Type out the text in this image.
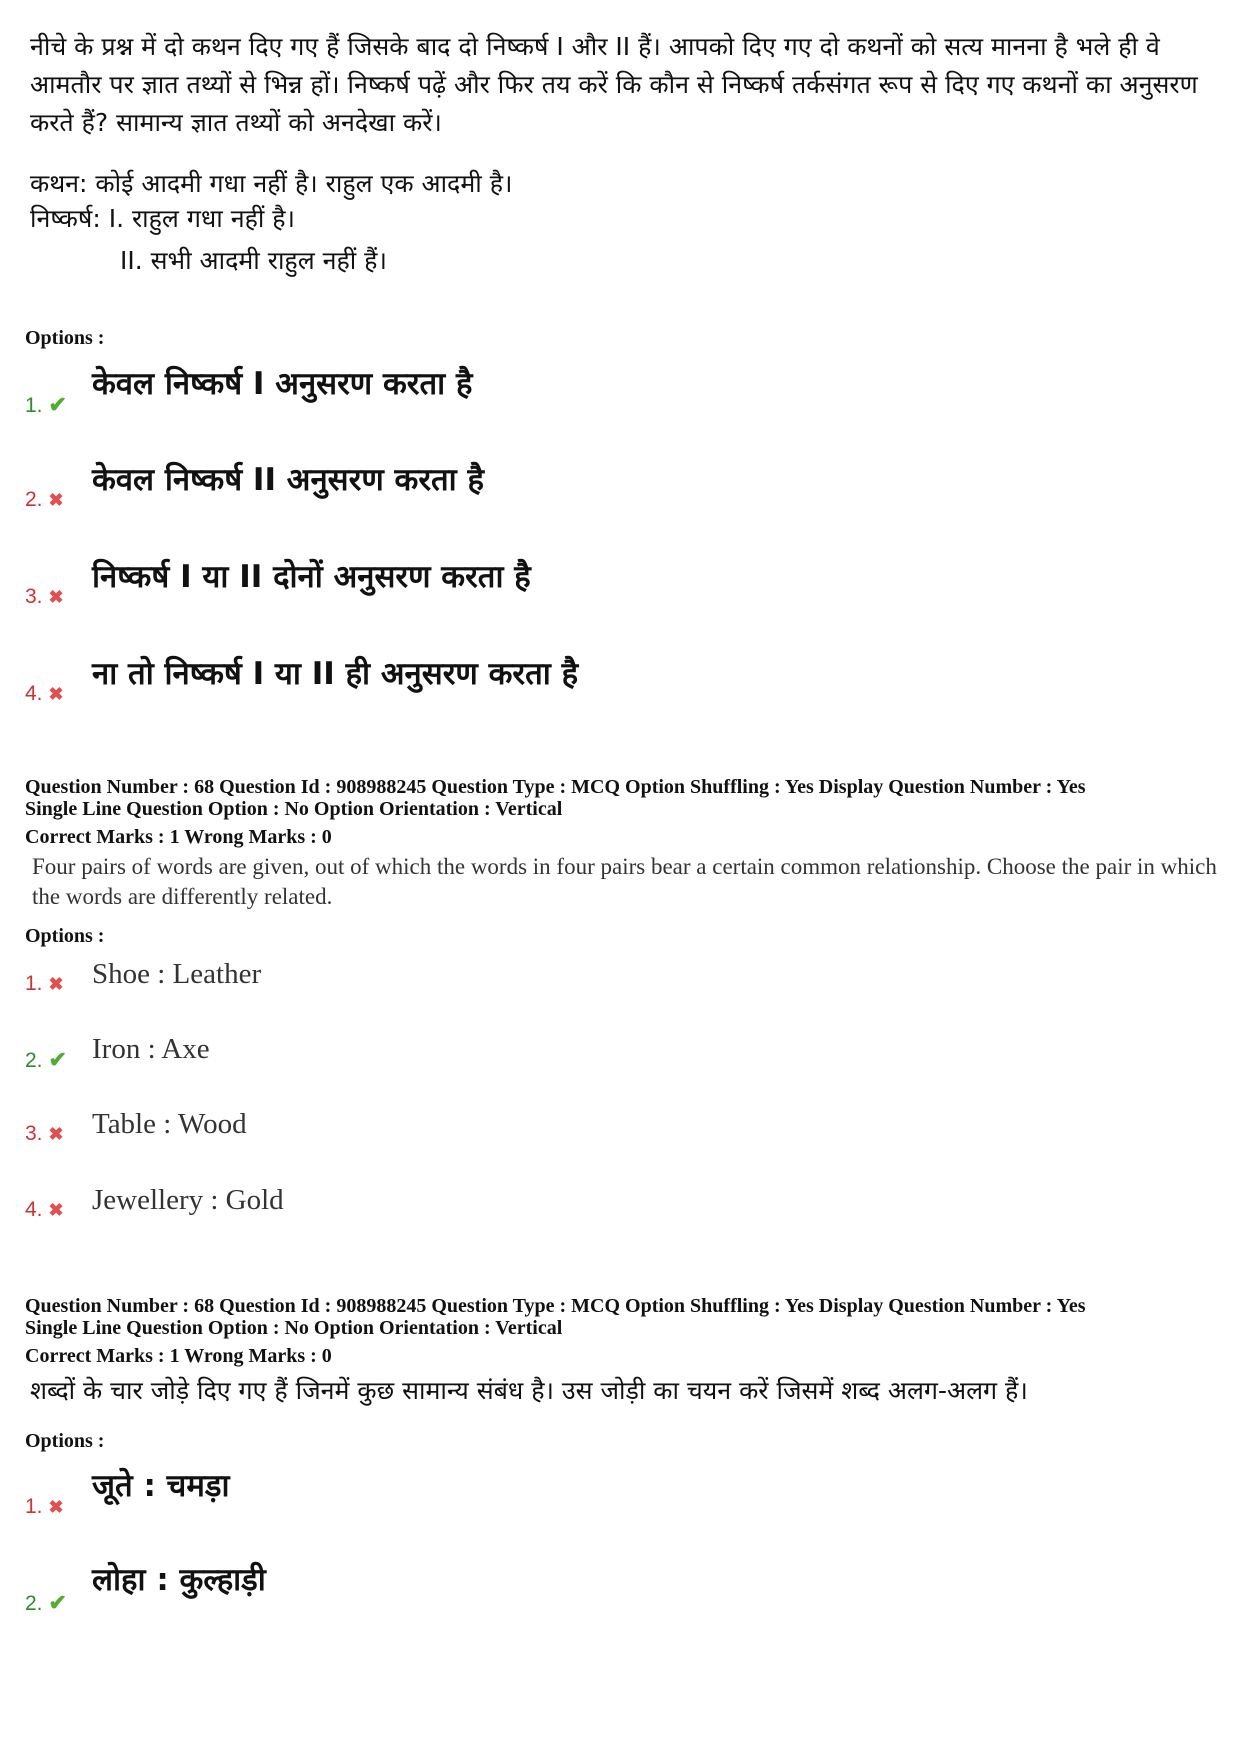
नीचे के प्रश्न में दो कथन दिए गए हैं जिसके बाद दो निष्कर्ष I और II हैं। आपको दिए गए दो कथनों को सत्य मानना है भले ही वे आमतौर पर ज्ञात तथ्यों से भिन्न हों। निष्कर्ष पढ़ें और फिर तय करें कि कौन से निष्कर्ष तर्कसंगत रूप से दिए गए कथनों का अनुसरण करते हैं? सामान्य ज्ञात तथ्यों को अनदेखा करें।
कथन: कोई आदमी गधा नहीं है। राहुल एक आदमी है।
निष्कर्ष: I. राहुल गधा नहीं है।
II. सभी आदमी राहुल नहीं हैं।
Options :
1. ✔
केवल निष्कर्ष I अनुसरण करता है
2. ✖
केवल निष्कर्ष II अनुसरण करता है
3. ✖
निष्कर्ष I या II दोनों अनुसरण करता है
4. ✖
ना तो निष्कर्ष I या II ही अनुसरण करता है
Question Number : 68 Question Id : 908988245 Question Type : MCQ Option Shuffling : Yes Display Question Number : Yes
Single Line Question Option : No Option Orientation : Vertical
Correct Marks : 1 Wrong Marks : 0
Four pairs of words are given, out of which the words in four pairs bear a certain common relationship. Choose the pair in which the words are differently related.
Options :
1. ✖ Shoe : Leather
2. ✔ Iron : Axe
3. ✖ Table : Wood
4. ✖ Jewellery : Gold
Question Number : 68 Question Id : 908988245 Question Type : MCQ Option Shuffling : Yes Display Question Number : Yes
Single Line Question Option : No Option Orientation : Vertical
Correct Marks : 1 Wrong Marks : 0
शब्दों के चार जोड़े दिए गए हैं जिनमें कुछ सामान्य संबंध है। उस जोड़ी का चयन करें जिसमें शब्द अलग-अलग हैं।
Options :
1. ✖
जूते : चमड़ा
2. ✔
लोहा : कुल्हाड़ी
